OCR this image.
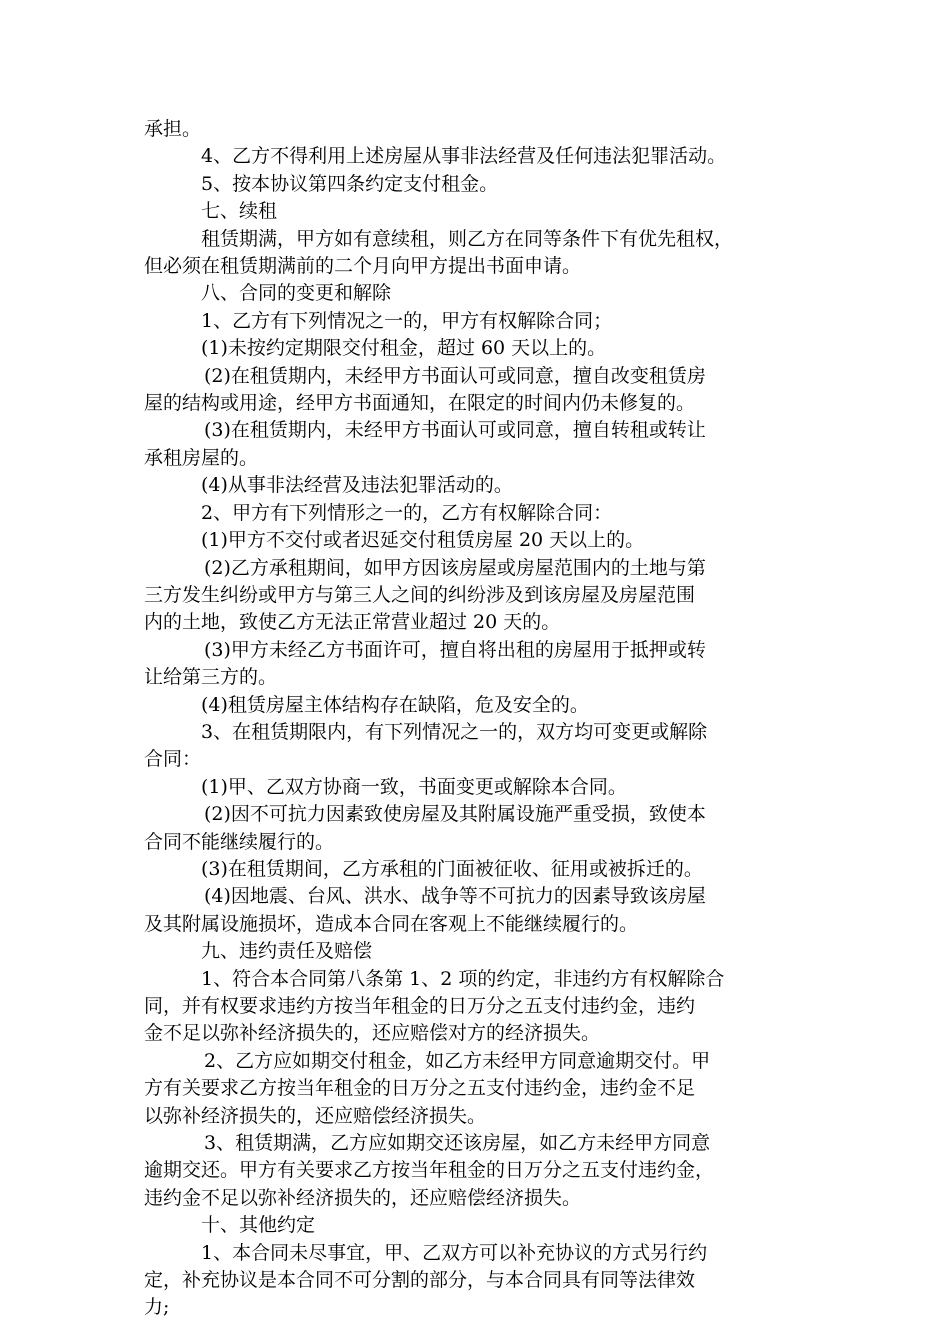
承担。

4、乙方不得利用上述房屋从事非法经营及任何违法犯罪活动。

5、按本协议第四条约定支付租金。

七、续租

租赁期满，甲方如有意续租，则乙方在同等条件下有优先租权，

但必须在租赁期满前的二个月向甲方提出书面申请。

八、合同的变更和解除

1、乙方有下列情况之一的，甲方有权解除合同；

(1)未按约定期限交付租金，超过 60 天以上的。

(2)在租赁期内，未经甲方书面认可或同意，擅自改变租赁房

屋的结构或用途，经甲方书面通知，在限定的时间内仍未修复的。

(3)在租赁期内，未经甲方书面认可或同意，擅自转租或转让

承租房屋的。

(4)从事非法经营及违法犯罪活动的。

2、甲方有下列情形之一的，乙方有权解除合同：

(1)甲方不交付或者迟延交付租赁房屋 20 天以上的。

(2)乙方承租期间，如甲方因该房屋或房屋范围内的土地与第

三方发生纠纷或甲方与第三人之间的纠纷涉及到该房屋及房屋范围

内的土地，致使乙方无法正常营业超过 20 天的。

(3)甲方未经乙方书面许可，擅自将出租的房屋用于抵押或转

让给第三方的。

(4)租赁房屋主体结构存在缺陷，危及安全的。

3、在租赁期限内，有下列情况之一的，双方均可变更或解除

合同：

(1)甲、乙双方协商一致，书面变更或解除本合同。

(2)因不可抗力因素致使房屋及其附属设施严重受损，致使本

合同不能继续履行的。

(3)在租赁期间，乙方承租的门面被征收、征用或被拆迁的。

(4)因地震、台风、洪水、战争等不可抗力的因素导致该房屋

及其附属设施损坏，造成本合同在客观上不能继续履行的。

九、违约责任及赔偿

1、符合本合同第八条第 1、2 项的约定，非违约方有权解除合

同，并有权要求违约方按当年租金的日万分之五支付违约金，违约

金不足以弥补经济损失的，还应赔偿对方的经济损失。

2、乙方应如期交付租金，如乙方未经甲方同意逾期交付。甲

方有关要求乙方按当年租金的日万分之五支付违约金，违约金不足

以弥补经济损失的，还应赔偿经济损失。

3、租赁期满，乙方应如期交还该房屋，如乙方未经甲方同意

逾期交还。甲方有关要求乙方按当年租金的日万分之五支付违约金，

违约金不足以弥补经济损失的，还应赔偿经济损失。

十、其他约定

1、本合同未尽事宜，甲、乙双方可以补充协议的方式另行约

定，补充协议是本合同不可分割的部分，与本合同具有同等法律效

力;
